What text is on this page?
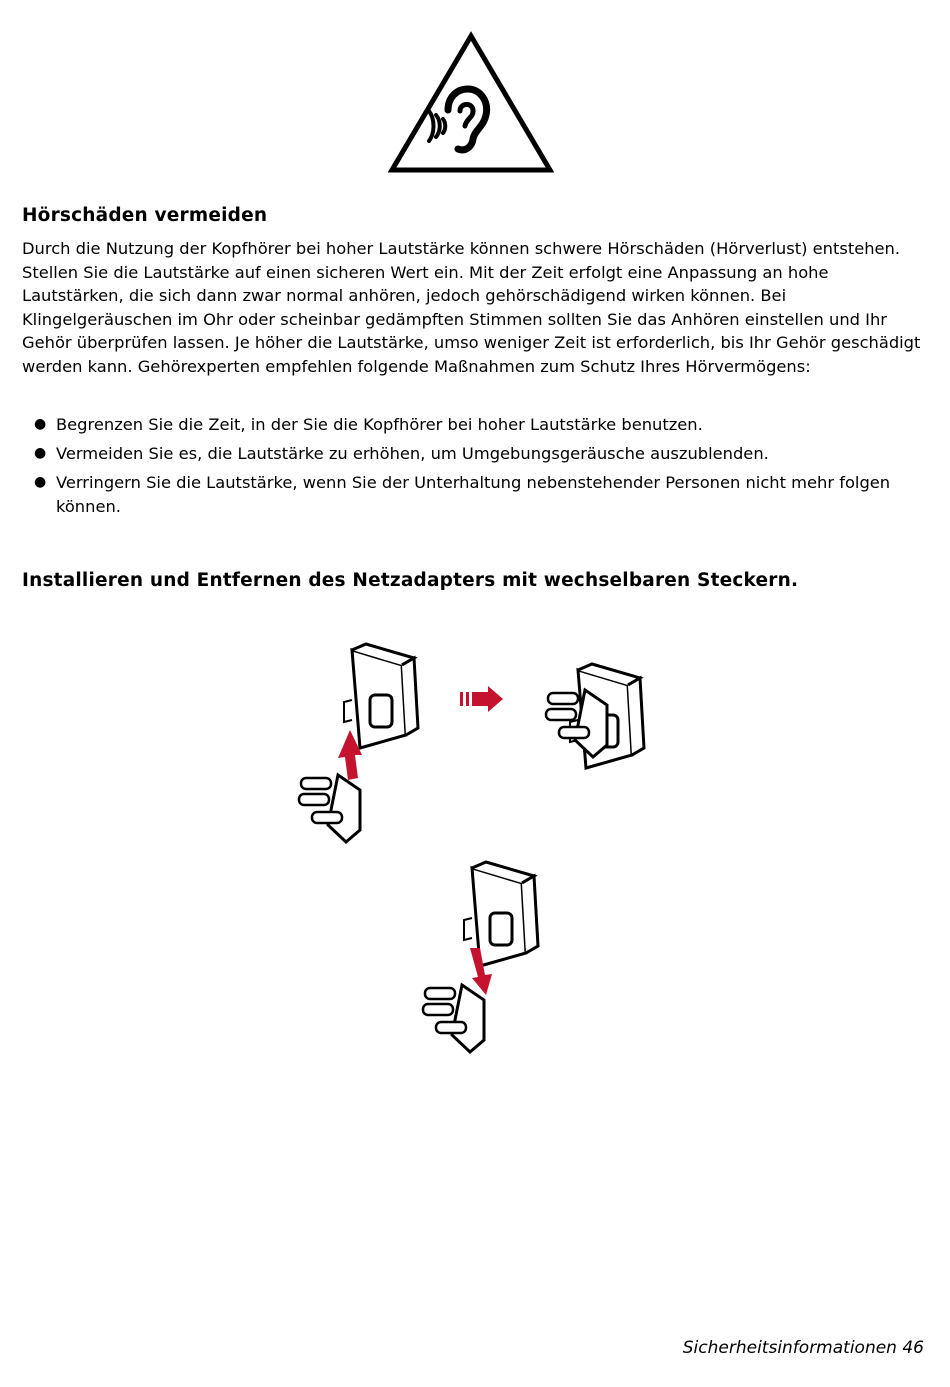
Hörschäden vermeiden

Durch die Nutzung der Kopfhörer bei hoher Lautstärke können schwere Hörschäden (Hörverlust) entstehen. Stellen Sie die Lautstärke auf einen sicheren Wert ein. Mit der Zeit erfolgt eine Anpassung an hohe Lautstärken, die sich dann zwar normal anhören, jedoch gehörschädigend wirken können. Bei Klingelgeräuschen im Ohr oder scheinbar gedämpften Stimmen sollten Sie das Anhören einstellen und Ihr Gehör überprüfen lassen. Je höher die Lautstärke, umso weniger Zeit ist erforderlich, bis Ihr Gehör geschädigt werden kann. Gehörexperten empfehlen folgende Maßnahmen zum Schutz Ihres Hörvermögens:

● Begrenzen Sie die Zeit, in der Sie die Kopfhörer bei hoher Lautstärke benutzen.
● Vermeiden Sie es, die Lautstärke zu erhöhen, um Umgebungsgeräusche auszublenden.
● Verringern Sie die Lautstärke, wenn Sie der Unterhaltung nebenstehender Personen nicht mehr folgen können.
Installieren und Entfernen des Netzadapters mit wechselbaren Steckern.
Sicherheitsinformationen 46
